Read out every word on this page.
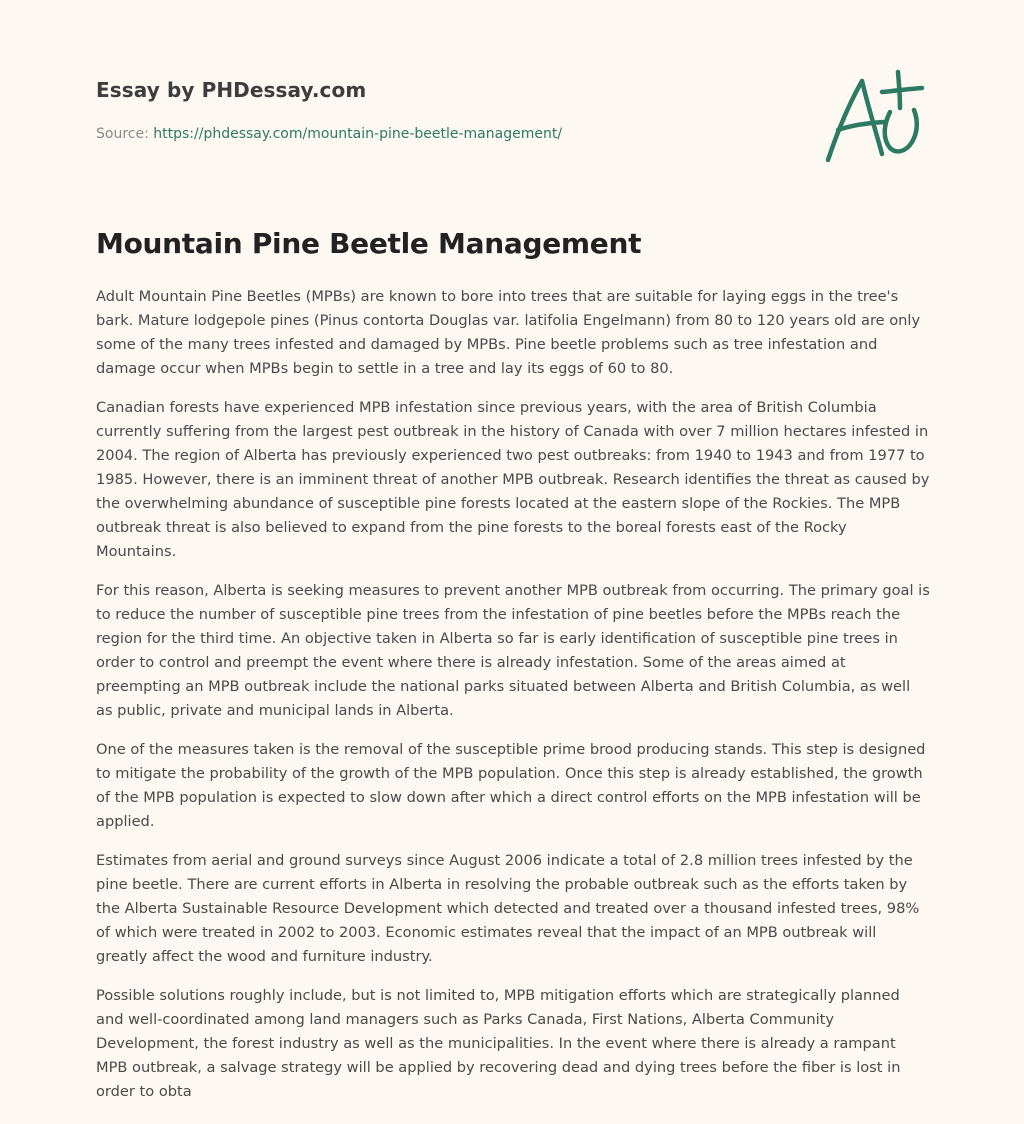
Essay by PHDessay.com

Source: https://phdessay.com/mountain-pine-beetle-management/
Mountain Pine Beetle Management

Adult Mountain Pine Beetles (MPBs) are known to bore into trees that are suitable for laying eggs in the tree's bark. Mature lodgepole pines (Pinus contorta Douglas var. latifolia Engelmann) from 80 to 120 years old are only some of the many trees infested and damaged by MPBs. Pine beetle problems such as tree infestation and damage occur when MPBs begin to settle in a tree and lay its eggs of 60 to 80.

Canadian forests have experienced MPB infestation since previous years, with the area of British Columbia currently suffering from the largest pest outbreak in the history of Canada with over 7 million hectares infested in 2004. The region of Alberta has previously experienced two pest outbreaks: from 1940 to 1943 and from 1977 to 1985. However, there is an imminent threat of another MPB outbreak. Research identifies the threat as caused by the overwhelming abundance of susceptible pine forests located at the eastern slope of the Rockies. The MPB outbreak threat is also believed to expand from the pine forests to the boreal forests east of the Rocky Mountains.

For this reason, Alberta is seeking measures to prevent another MPB outbreak from occurring. The primary goal is to reduce the number of susceptible pine trees from the infestation of pine beetles before the MPBs reach the region for the third time. An objective taken in Alberta so far is early identification of susceptible pine trees in order to control and preempt the event where there is already infestation. Some of the areas aimed at preempting an MPB outbreak include the national parks situated between Alberta and British Columbia, as well as public, private and municipal lands in Alberta.

One of the measures taken is the removal of the susceptible prime brood producing stands. This step is designed to mitigate the probability of the growth of the MPB population. Once this step is already established, the growth of the MPB population is expected to slow down after which a direct control efforts on the MPB infestation will be applied.

Estimates from aerial and ground surveys since August 2006 indicate a total of 2.8 million trees infested by the pine beetle. There are current efforts in Alberta in resolving the probable outbreak such as the efforts taken by the Alberta Sustainable Resource Development which detected and treated over a thousand infested trees, 98% of which were treated in 2002 to 2003. Economic estimates reveal that the impact of an MPB outbreak will greatly affect the wood and furniture industry.

Possible solutions roughly include, but is not limited to, MPB mitigation efforts which are strategically planned and well-coordinated among land managers such as Parks Canada, First Nations, Alberta Community Development, the forest industry as well as the municipalities. In the event where there is already a rampant MPB outbreak, a salvage strategy will be applied by recovering dead and dying trees before the fiber is lost in order to obta
